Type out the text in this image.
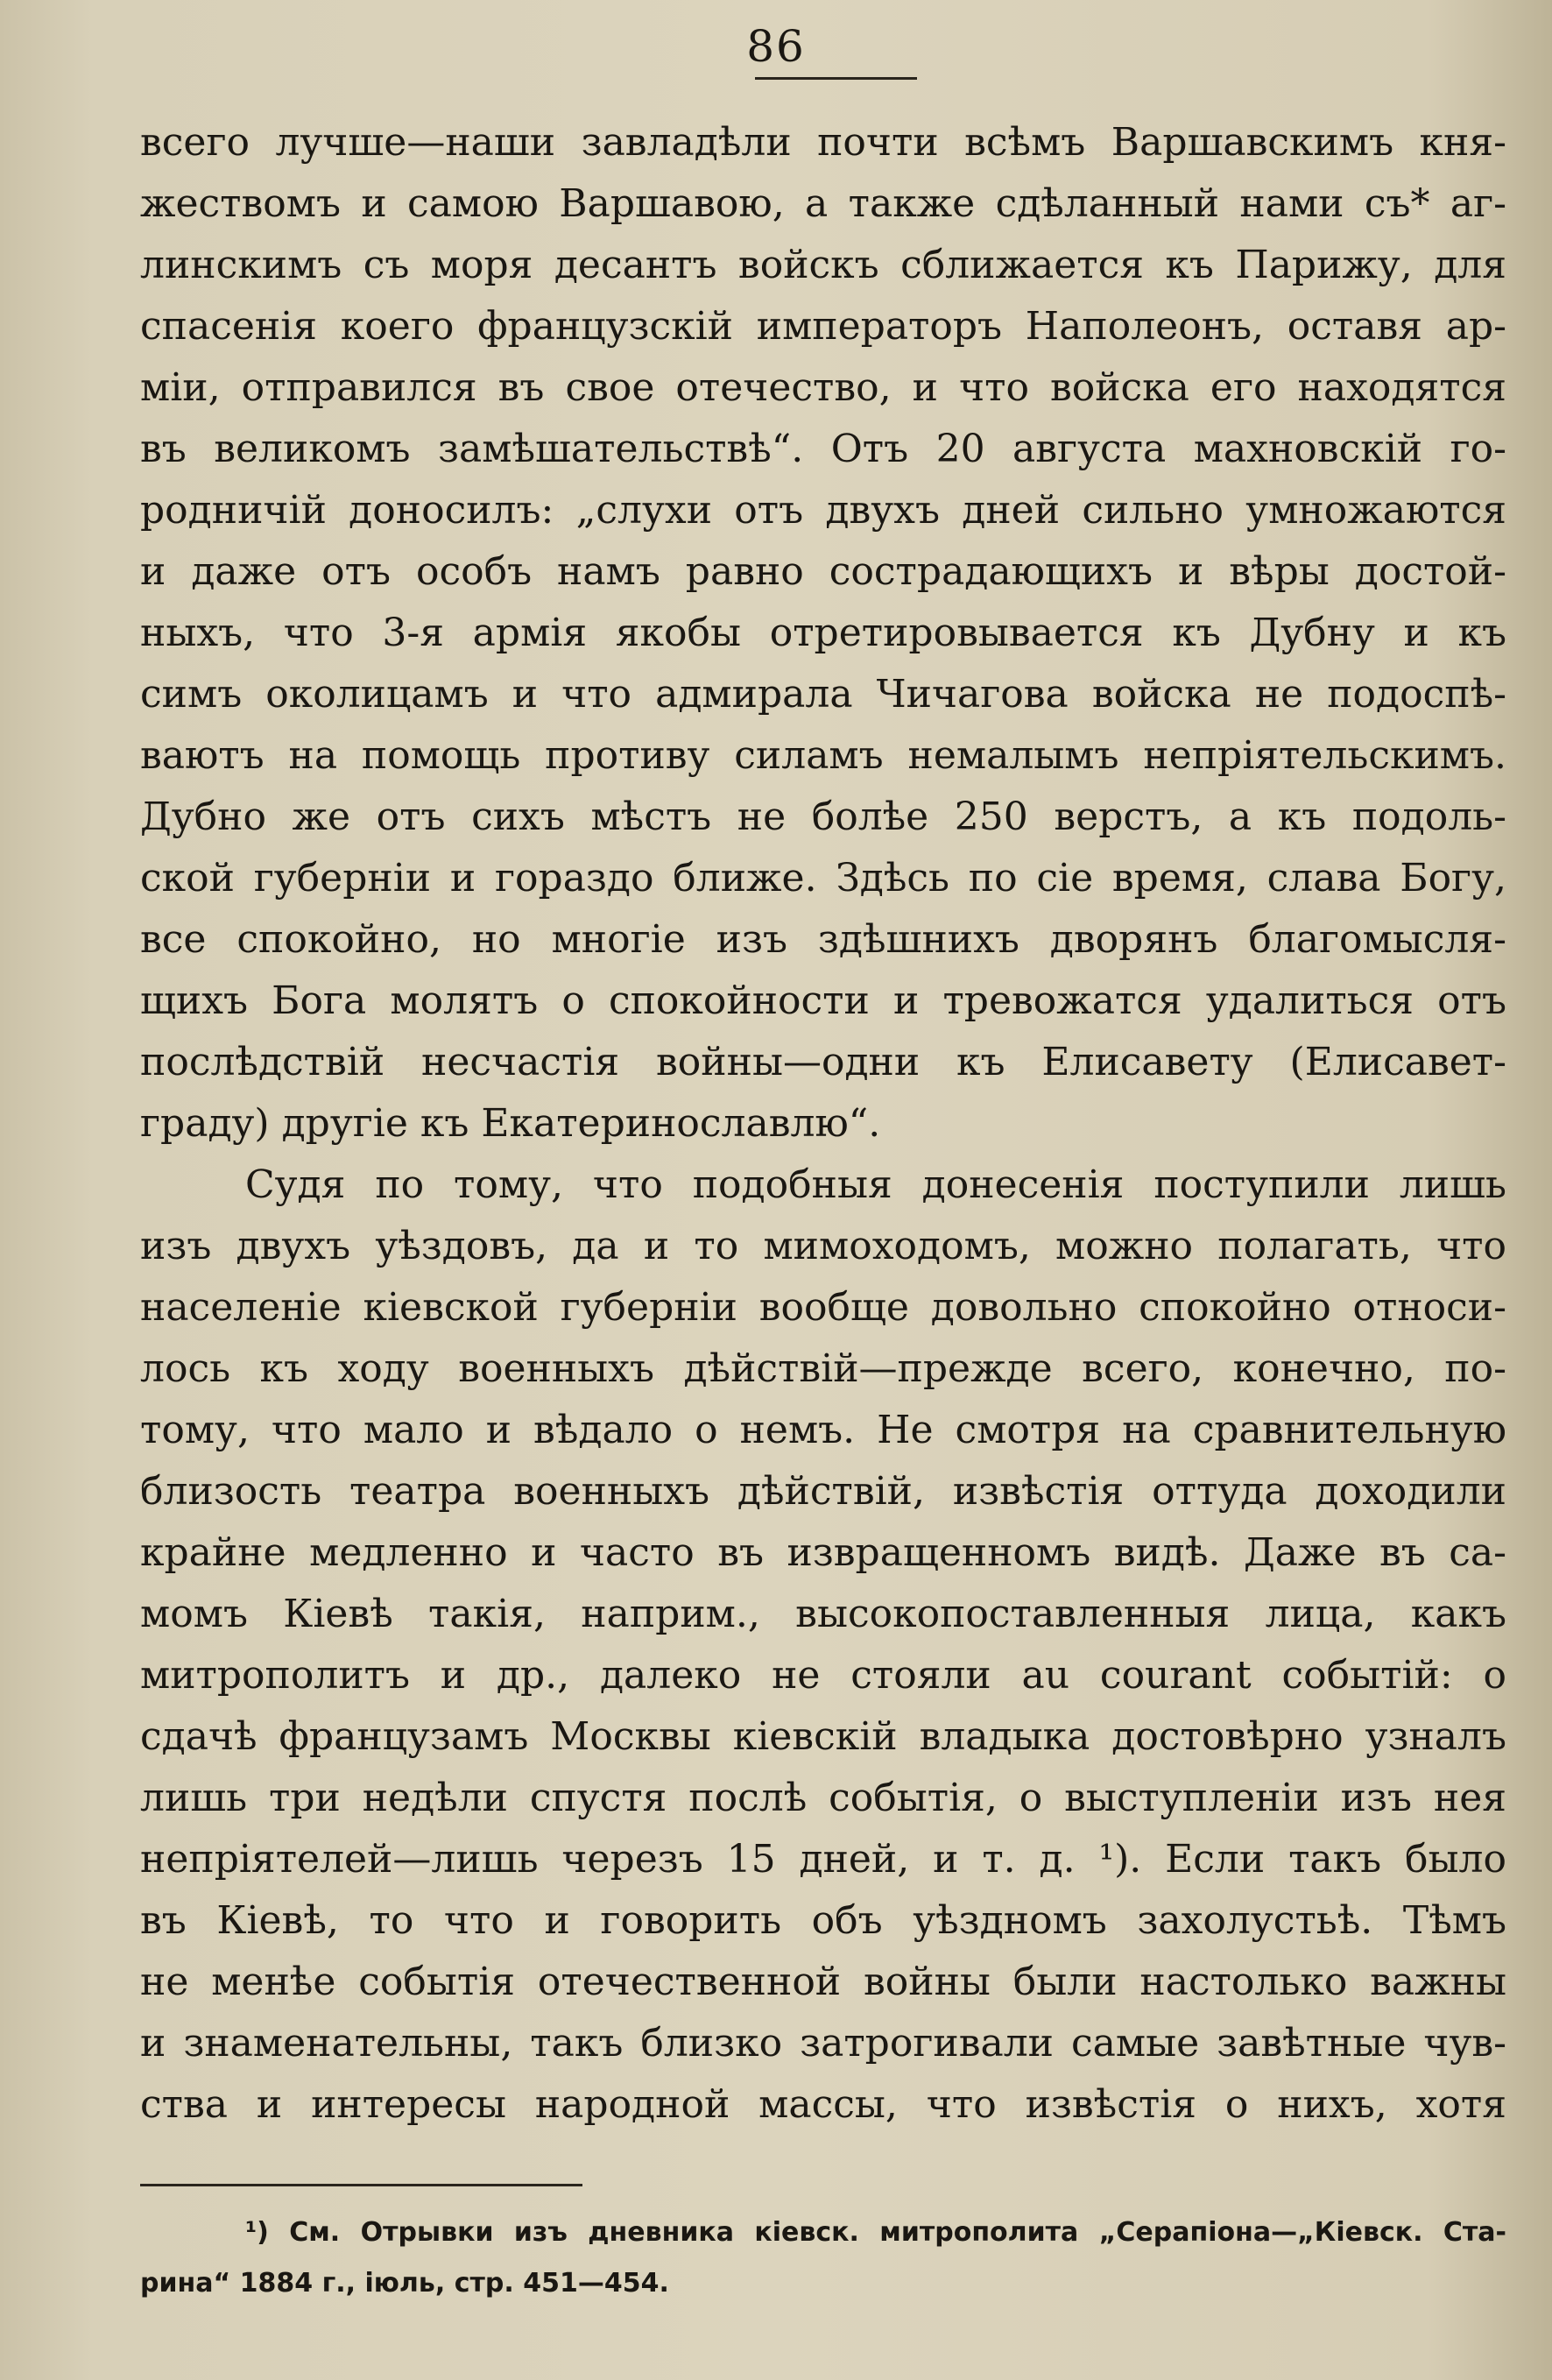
86
всего лучше—наши завладѣли почти всѣмъ Варшавскимъ кня-
жествомъ и самою Варшавою, а также сдѣланный нами съ* аг-
линскимъ съ моря десантъ войскъ сближается къ Парижу, для
спасенія коего французскій императоръ Наполеонъ, оставя ар-
міи, отправился въ свое отечество, и что войска его находятся
въ великомъ замѣшательствѣ“. Отъ 20 августа махновскій го-
родничій доносилъ: „слухи отъ двухъ дней сильно умножаются
и даже отъ особъ намъ равно сострадающихъ и вѣры достой-
ныхъ, что 3-я армія якобы отретировывается къ Дубну и къ
симъ околицамъ и что адмирала Чичагова войска не подоспѣ-
ваютъ на помощь противу силамъ немалымъ непріятельскимъ.
Дубно же отъ сихъ мѣстъ не болѣе 250 верстъ, а къ подоль-
ской губерніи и гораздо ближе. Здѣсь по сіе время, слава Богу,
все спокойно, но многіе изъ здѣшнихъ дворянъ благомысля-
щихъ Бога молятъ о спокойности и тревожатся удалиться отъ
послѣдствій несчастія войны—одни къ Елисавету (Елисавет-
граду) другіе къ Екатеринославлю“.
Судя по тому, что подобныя донесенія поступили лишь
изъ двухъ уѣздовъ, да и то мимоходомъ, можно полагать, что
населеніе кіевской губерніи вообще довольно спокойно относи-
лось къ ходу военныхъ дѣйствій—прежде всего, конечно, по-
тому, что мало и вѣдало о немъ. Не смотря на сравнительную
близость театра военныхъ дѣйствій, извѣстія оттуда доходили
крайне медленно и часто въ извращенномъ видѣ. Даже въ са-
момъ Кіевѣ такія, наприм., высокопоставленныя лица, какъ
митрополитъ и др., далеко не стояли au courant событій: о
сдачѣ французамъ Москвы кіевскій владыка достовѣрно узналъ
лишь три недѣли спустя послѣ событія, о выступленіи изъ нея
непріятелей—лишь черезъ 15 дней, и т. д. ¹). Если такъ было
въ Кіевѣ, то что и говорить объ уѣздномъ захолустьѣ. Тѣмъ
не менѣе событія отечественной войны были настолько важны
и знаменательны, такъ близко затрогивали самые завѣтные чув-
ства и интересы народной массы, что извѣстія о нихъ, хотя
¹) См. Отрывки изъ дневника кіевск. митрополита „Серапіона—„Кіевск. Ста-
рина“ 1884 г., іюль, стр. 451—454.
